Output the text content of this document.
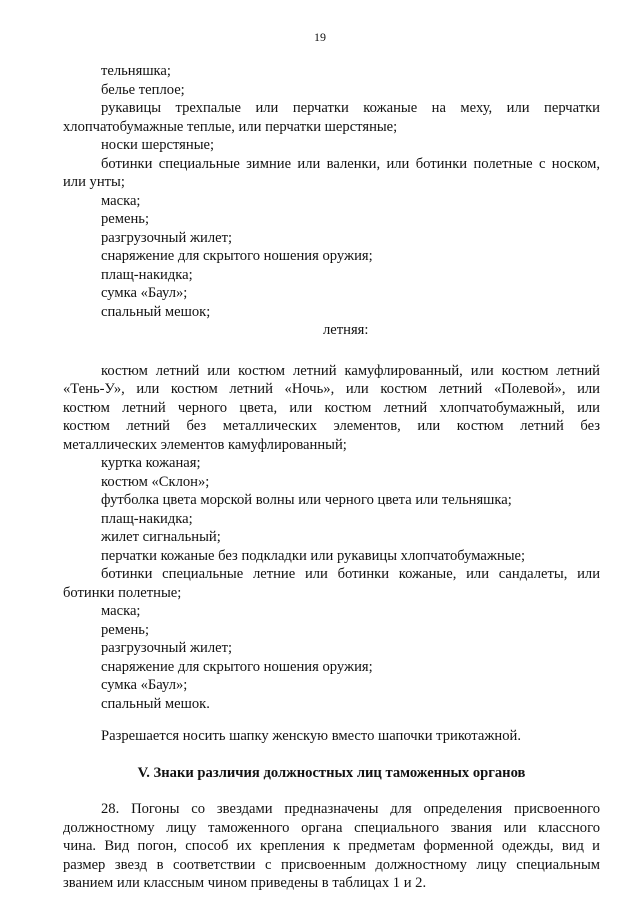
19
тельняшка;
белье теплое;
рукавицы трехпалые или перчатки кожаные на меху, или перчатки
хлопчатобумажные теплые, или перчатки шерстяные;
носки шерстяные;
ботинки специальные зимние или валенки, или ботинки полетные с носком,
или унты;
маска;
ремень;
разгрузочный жилет;
снаряжение для скрытого ношения оружия;
плащ-накидка;
сумка «Баул»;
спальный мешок;
летняя:
костюм летний или костюм летний камуфлированный, или костюм летний
«Тень-У», или костюм летний «Ночь», или костюм летний «Полевой», или
костюм летний черного цвета, или костюм летний хлопчатобумажный, или
костюм летний без металлических элементов, или костюм летний без
металлических элементов камуфлированный;
куртка кожаная;
костюм «Склон»;
футболка цвета морской волны или черного цвета или тельняшка;
плащ-накидка;
жилет сигнальный;
перчатки кожаные без подкладки или рукавицы хлопчатобумажные;
ботинки специальные летние или ботинки кожаные, или сандалеты, или
ботинки полетные;
маска;
ремень;
разгрузочный жилет;
снаряжение для скрытого ношения оружия;
сумка «Баул»;
спальный мешок.
Разрешается носить шапку женскую вместо шапочки трикотажной.
V. Знаки различия должностных лиц таможенных органов
28. Погоны со звездами предназначены для определения присвоенного
должностному лицу таможенного органа специального звания или классного
чина. Вид погон, способ их крепления к предметам форменной одежды, вид и
размер звезд в соответствии с присвоенным должностному лицу специальным
званием или классным чином приведены в таблицах 1 и 2.
